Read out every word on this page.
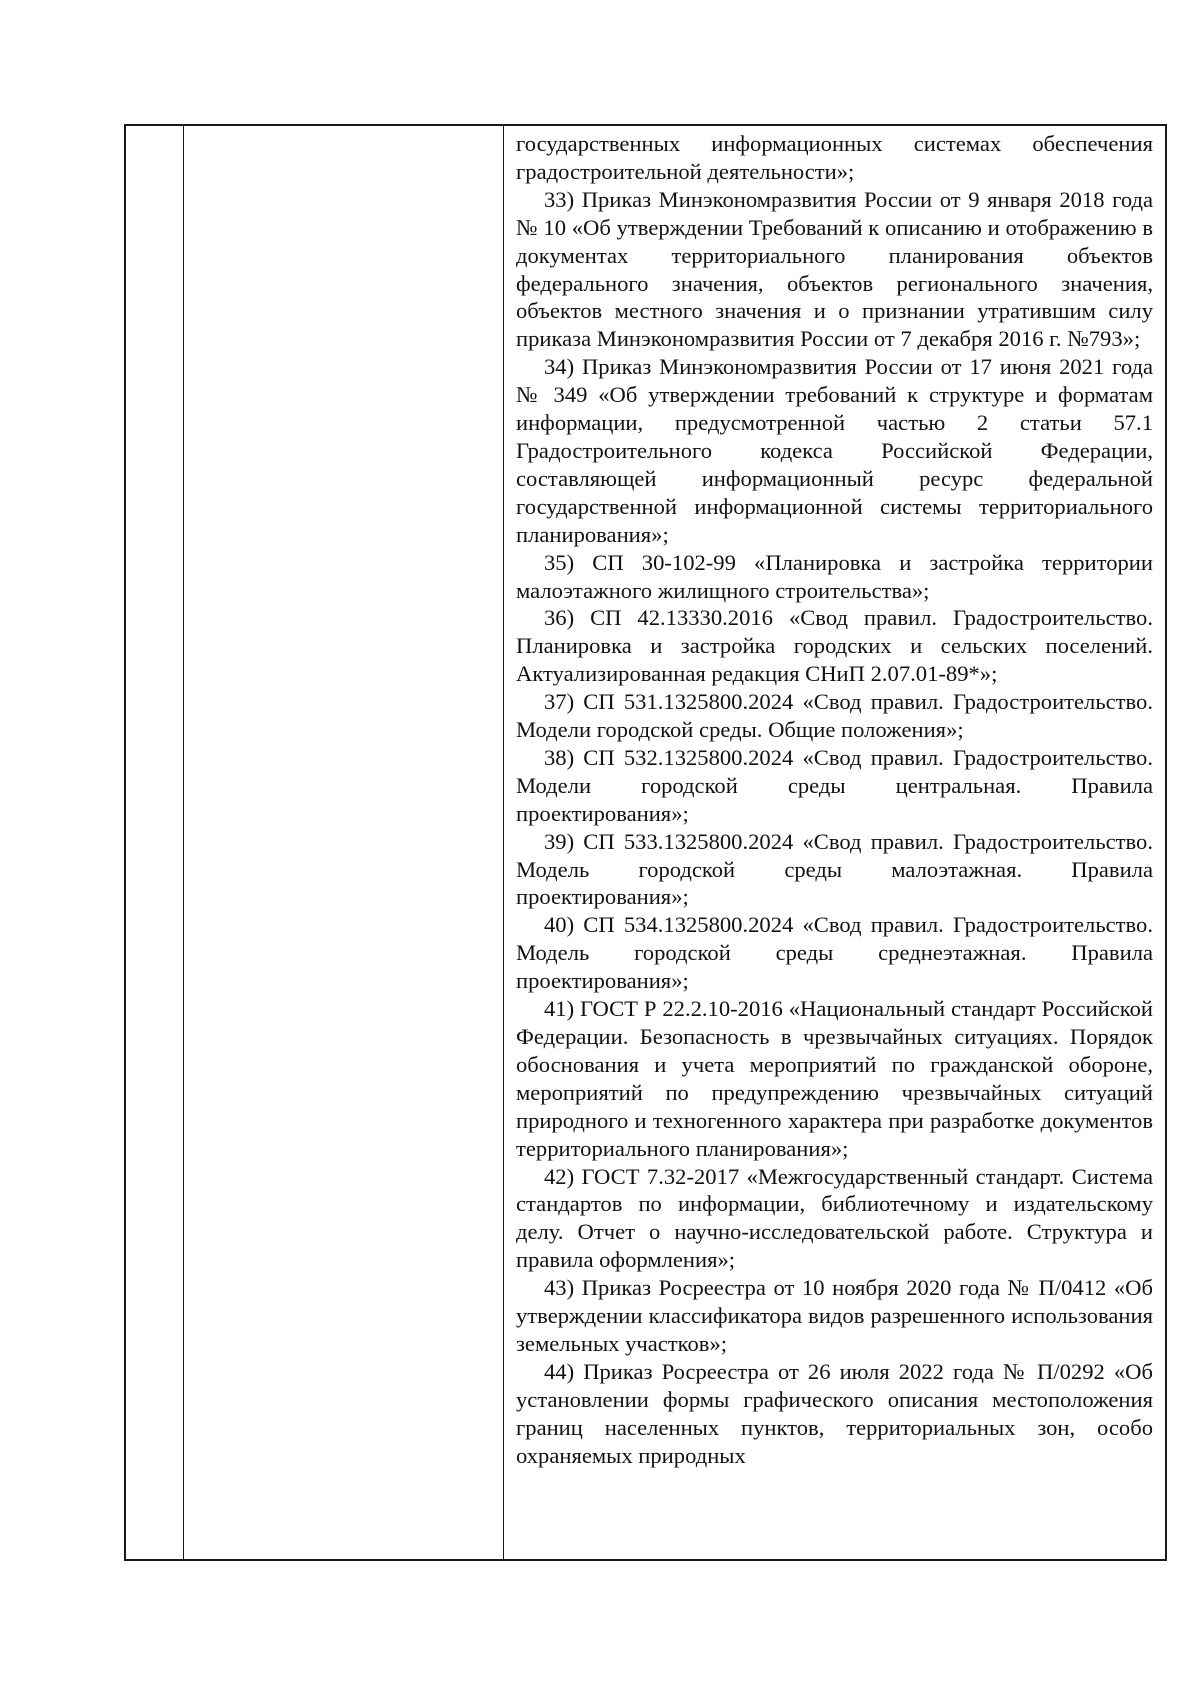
государственных информационных системах обеспечения градостроительной деятельности»;

33) Приказ Минэкономразвития России от 9 января 2018 года № 10 «Об утверждении Требований к описанию и отображению в документах территориального планирования объектов федерального значения, объектов регионального значения, объектов местного значения и о признании утратившим силу приказа Минэкономразвития России от 7 декабря 2016 г. №793»;

34) Приказ Минэкономразвития России от 17 июня 2021 года № 349 «Об утверждении требований к структуре и форматам информации, предусмотренной частью 2 статьи 57.1 Градостроительного кодекса Российской Федерации, составляющей информационный ресурс федеральной государственной информационной системы территориального планирования»;

35) СП 30-102-99 «Планировка и застройка территории малоэтажного жилищного строительства»;

36) СП 42.13330.2016 «Свод правил. Градостроительство. Планировка и застройка городских и сельских поселений. Актуализированная редакция СНиП 2.07.01-89*»;

37) СП 531.1325800.2024 «Свод правил. Градостроительство. Модели городской среды. Общие положения»;

38) СП 532.1325800.2024 «Свод правил. Градостроительство. Модели городской среды центральная. Правила проектирования»;

39) СП 533.1325800.2024 «Свод правил. Градостроительство. Модель городской среды малоэтажная. Правила проектирования»;

40) СП 534.1325800.2024 «Свод правил. Градостроительство. Модель городской среды среднеэтажная. Правила проектирования»;

41) ГОСТ Р 22.2.10-2016 «Национальный стандарт Российской Федерации. Безопасность в чрезвычайных ситуациях. Порядок обоснования и учета мероприятий по гражданской обороне, мероприятий по предупреждению чрезвычайных ситуаций природного и техногенного характера при разработке документов территориального планирования»;

42) ГОСТ 7.32-2017 «Межгосударственный стандарт. Система стандартов по информации, библиотечному и издательскому делу. Отчет о научно-исследовательской работе. Структура и правила оформления»;

43) Приказ Росреестра от 10 ноября 2020 года № П/0412 «Об утверждении классификатора видов разрешенного использования земельных участков»;

44) Приказ Росреестра от 26 июля 2022 года № П/0292 «Об установлении формы графического описания местоположения границ населенных пунктов, территориальных зон, особо охраняемых природных
